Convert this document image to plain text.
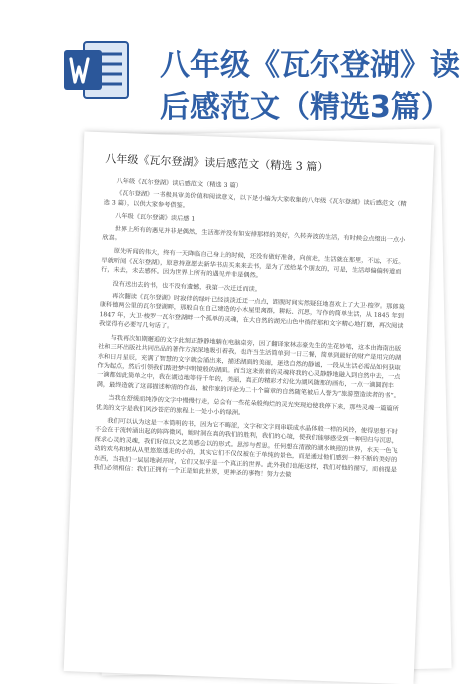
八年级《瓦尔登湖》读
后感范文（精选3篇）
八年级《瓦尔登湖》读后感范文（精选 3 篇）
八年级《瓦尔登湖》读后感范文（精选 3 篇）
《瓦尔登湖》一书极具审美价值和阅读意义，以下是小编为大家收集的八年级《瓦尔登湖》读后感范文（精选 3 篇），以供大家参考借鉴。
八年级《瓦尔登湖》读后感 1
世界上所有的遇见并非是偶然，生活那并没有如安排那样的美好，久转奔波的生活，有时候会点缀出一点小欣喜。
原先听闻的伟大，终有一天降临自己身上的时候，还没有做好准备，向前走，生活就在那里，不远，不近。早就听闻《瓦尔登湖》，原意持意愿去新华书店买来来去书，是为了送给某个朋友的，可是，生活却偏偏转道而行，未去，未去感怀。因为世界上所有的遇见并非是偶然。
没有送出去的书，也不没有遗憾，我第一次迁迁而读。
再次翻读《瓦尔登湖》时寂伴的绿叶已经淡淡迁迁一点点，距脱时间实然疑狂地喜欢上了大卫·梭罗。那郎莫康科德两公里的瓦尔登湖畔，那般自在自己建造的小木屋里离群，耕耘、沉思，写作的简单生活，从 1845 年到 1847 年，大卫·梭罗一瓦尔登湖畔一个孤单的灵魂，在大自然的湖光山色中徜徉那和文字精心地打磨，再次阅读我觉得有必要写几句话了。
与我再次如期邂逅的文字此刻正静静地躺在电脑桌旁，因了翻译家林志豪先生的生花妙笔，这本由海南出版社和三环出版社共同出品的著作方深深地吸引着我，也许当生活简单到一日三餐，简单到最好的财产是用完的湖水和日月星辰，充满了智慧的文字就会涌出来，描述湖面的美丽，迷迭自然的静谧，一段从生活必需品如何获取作为起点，然后引领我们踏进梦中明镜般的湖面。而当这来索着的灵魂将我的心灵静静地融入到自然中去，一点一滴都如此简单之中，我在湖边地等待千年的，美丽，真正的精彩才幻化为湖风随那的画布，一点一滴圆润丰满，最终造就了这部描述种清的作品，被作家的评论为二十个篇章的自然随笔被后人誉为“旅游塑造读者的书”。
当我在舒缓而纯净的文字中慢慢行走，总会有一些花朵般绚烂的灵光突现迫使我停下来，那些灵魂一篇篇所优美的文字是我们风沙苍茫的旅程上一处小小的绿洲。
我们可以认为这是一本简明的书，因为它不晦涩，文字和文字间串联成水晶体般一样的风铃，使得思想不时不会在于流转涌出起的阵阵微风，她时洞在真的我们的胜利，我们的心境，使我们能够感受到一种回归与沉思，探求心灵的灵魂，我们好似以文艺美感会以的形式。思涉与哲思。任何想在清澈的湖水映照的世界，水天一色飞动的欢鸟和树从从里悠悠透走的小的，其实它们不仅仅被在于单纯的景色，而是通过他们感到一种不断的美好的东西，当我们一层层地剥开时，它们又似乎是一个真正的世界。此外我们也能这样，我们对他的描写，而前提是我们必须相信：我们正拥有一个正是如此世界，更神圣的事物！努力去做
